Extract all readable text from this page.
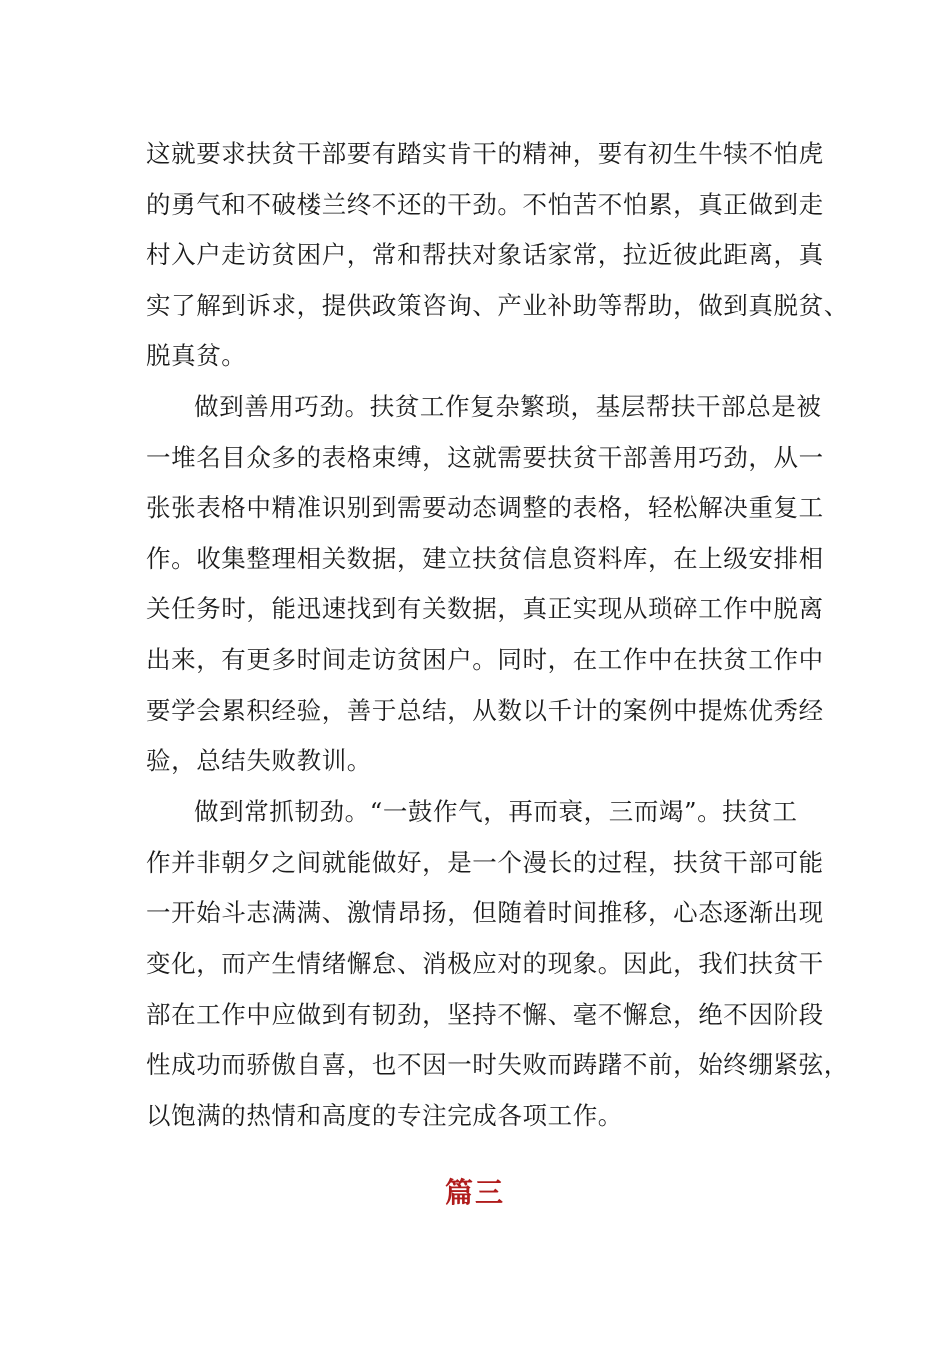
这就要求扶贫干部要有踏实肯干的精神，要有初生牛犊不怕虎
的勇气和不破楼兰终不还的干劲。不怕苦不怕累，真正做到走
村入户走访贫困户，常和帮扶对象话家常，拉近彼此距离，真
实了解到诉求，提供政策咨询、产业补助等帮助，做到真脱贫、
脱真贫。
做到善用巧劲。扶贫工作复杂繁琐，基层帮扶干部总是被
一堆名目众多的表格束缚，这就需要扶贫干部善用巧劲，从一
张张表格中精准识别到需要动态调整的表格，轻松解决重复工
作。收集整理相关数据，建立扶贫信息资料库，在上级安排相
关任务时，能迅速找到有关数据，真正实现从琐碎工作中脱离
出来，有更多时间走访贫困户。同时，在工作中在扶贫工作中
要学会累积经验，善于总结，从数以千计的案例中提炼优秀经
验，总结失败教训。
做到常抓韧劲。“一鼓作气，再而衰，三而竭”。扶贫工
作并非朝夕之间就能做好，是一个漫长的过程，扶贫干部可能
一开始斗志满满、激情昂扬，但随着时间推移，心态逐渐出现
变化，而产生情绪懈怠、消极应对的现象。因此，我们扶贫干
部在工作中应做到有韧劲，坚持不懈、毫不懈怠，绝不因阶段
性成功而骄傲自喜，也不因一时失败而踌躇不前，始终绷紧弦，
以饱满的热情和高度的专注完成各项工作。
篇三
